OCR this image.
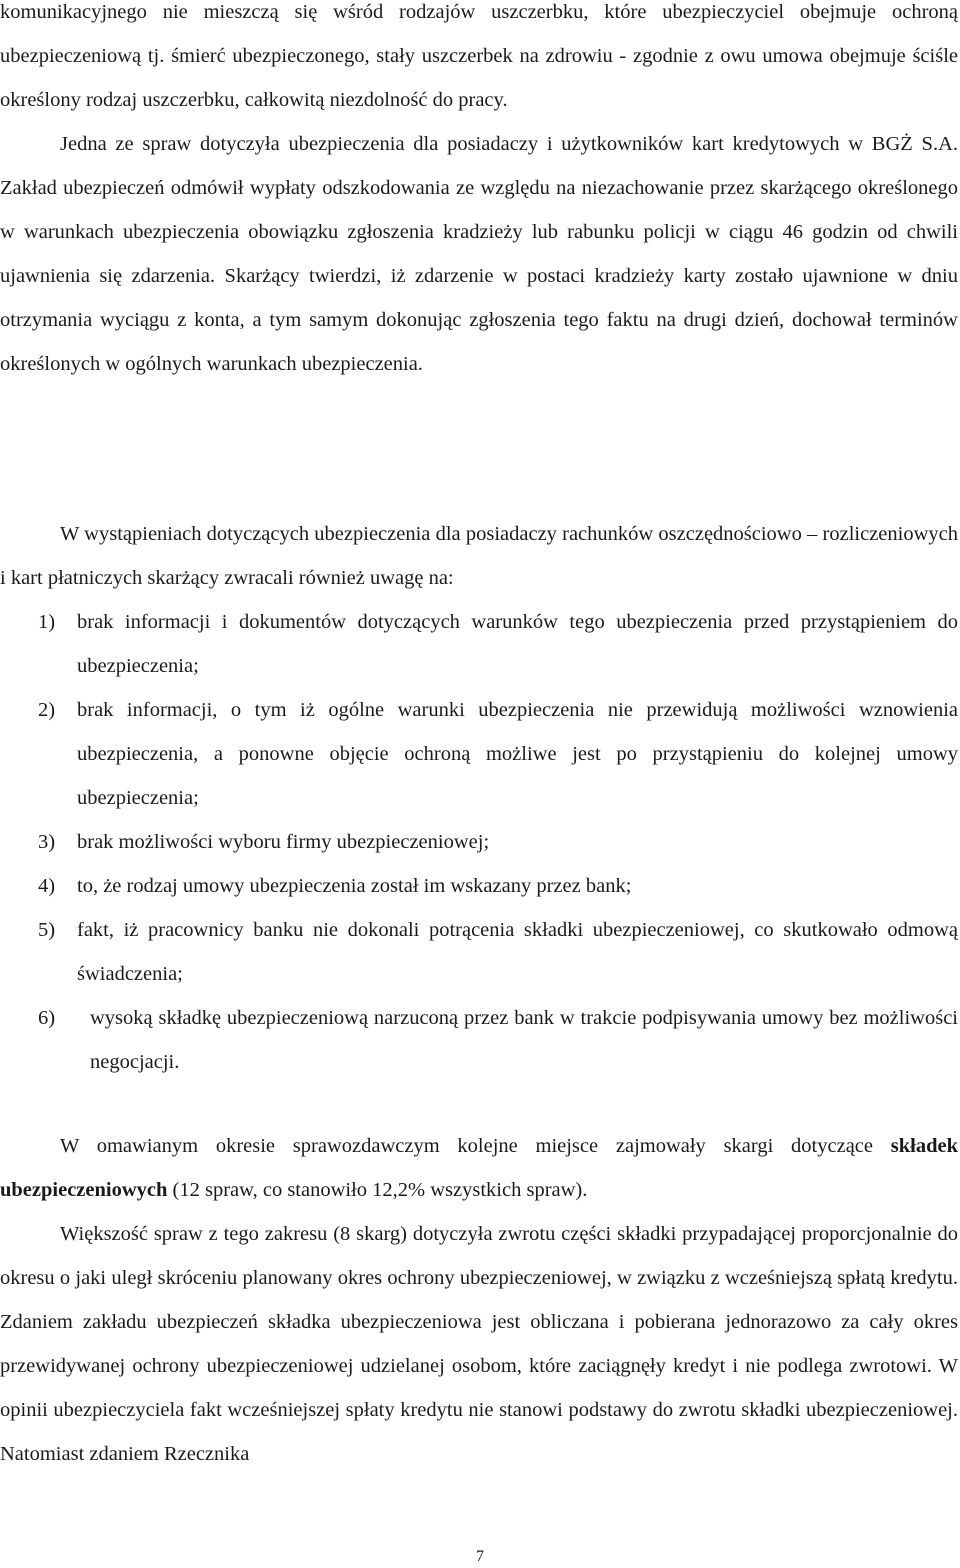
komunikacyjnego nie mieszczą się wśród rodzajów uszczerbku, które ubezpieczyciel obejmuje ochroną ubezpieczeniową tj. śmierć ubezpieczonego, stały uszczerbek na zdrowiu - zgodnie z owu umowa obejmuje ściśle określony rodzaj uszczerbku, całkowitą niezdolność do pracy.

Jedna ze spraw dotyczyła ubezpieczenia dla posiadaczy i użytkowników kart kredytowych w BGŻ S.A. Zakład ubezpieczeń odmówił wypłaty odszkodowania ze względu na niezachowanie przez skarżącego określonego w warunkach ubezpieczenia obowiązku zgłoszenia kradzieży lub rabunku policji w ciągu 46 godzin od chwili ujawnienia się zdarzenia. Skarżący twierdzi, iż zdarzenie w postaci kradzieży karty zostało ujawnione w dniu otrzymania wyciągu z konta, a tym samym dokonując zgłoszenia tego faktu na drugi dzień, dochował terminów określonych w ogólnych warunkach ubezpieczenia.

W wystąpieniach dotyczących ubezpieczenia dla posiadaczy rachunków oszczędnościowo – rozliczeniowych i kart płatniczych skarżący zwracali również uwagę na:

1) brak informacji i dokumentów dotyczących warunków tego ubezpieczenia przed przystąpieniem do ubezpieczenia;
2) brak informacji, o tym iż ogólne warunki ubezpieczenia nie przewidują możliwości wznowienia ubezpieczenia, a ponowne objęcie ochroną możliwe jest po przystąpieniu do kolejnej umowy ubezpieczenia;
3) brak możliwości wyboru firmy ubezpieczeniowej;
4) to, że rodzaj umowy ubezpieczenia został im wskazany przez bank;
5) fakt, iż pracownicy banku nie dokonali potrącenia składki ubezpieczeniowej, co skutkowało odmową świadczenia;
6) wysoką składkę ubezpieczeniową narzuconą przez bank w trakcie podpisywania umowy bez możliwości negocjacji.

W omawianym okresie sprawozdawczym kolejne miejsce zajmowały skargi dotyczące składek ubezpieczeniowych (12 spraw, co stanowiło 12,2% wszystkich spraw).

Większość spraw z tego zakresu (8 skarg) dotyczyła zwrotu części składki przypadającej proporcjonalnie do okresu o jaki uległ skróceniu planowany okres ochrony ubezpieczeniowej, w związku z wcześniejszą spłatą kredytu. Zdaniem zakładu ubezpieczeń składka ubezpieczeniowa jest obliczana i pobierana jednorazowo za cały okres przewidywanej ochrony ubezpieczeniowej udzielanej osobom, które zaciągnęły kredyt i nie podlega zwrotowi. W opinii ubezpieczyciela fakt wcześniejszej spłaty kredytu nie stanowi podstawy do zwrotu składki ubezpieczeniowej. Natomiast zdaniem Rzecznika

7
